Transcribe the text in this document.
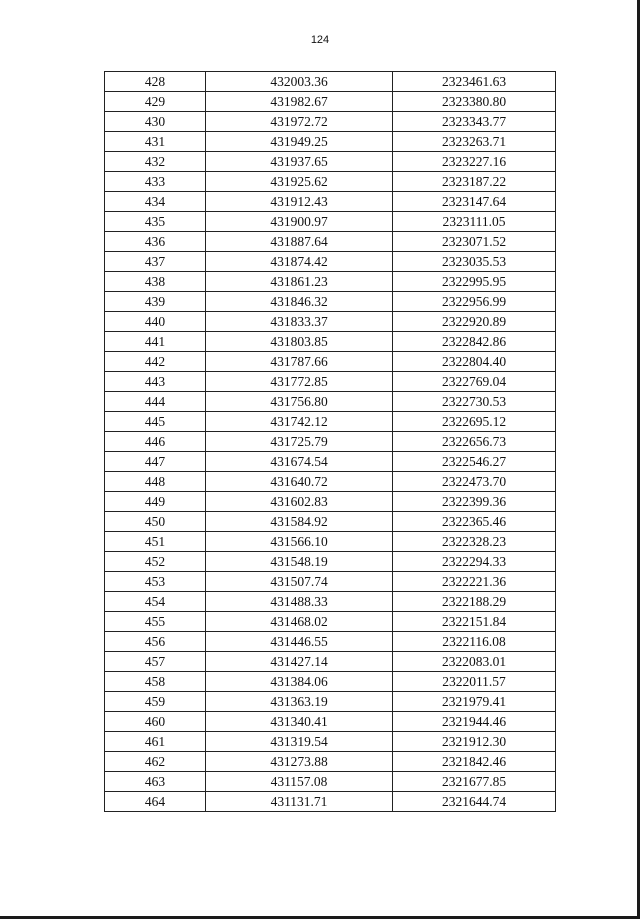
124
428	432003.36	2323461.63
429	431982.67	2323380.80
430	431972.72	2323343.77
431	431949.25	2323263.71
432	431937.65	2323227.16
433	431925.62	2323187.22
434	431912.43	2323147.64
435	431900.97	2323111.05
436	431887.64	2323071.52
437	431874.42	2323035.53
438	431861.23	2322995.95
439	431846.32	2322956.99
440	431833.37	2322920.89
441	431803.85	2322842.86
442	431787.66	2322804.40
443	431772.85	2322769.04
444	431756.80	2322730.53
445	431742.12	2322695.12
446	431725.79	2322656.73
447	431674.54	2322546.27
448	431640.72	2322473.70
449	431602.83	2322399.36
450	431584.92	2322365.46
451	431566.10	2322328.23
452	431548.19	2322294.33
453	431507.74	2322221.36
454	431488.33	2322188.29
455	431468.02	2322151.84
456	431446.55	2322116.08
457	431427.14	2322083.01
458	431384.06	2322011.57
459	431363.19	2321979.41
460	431340.41	2321944.46
461	431319.54	2321912.30
462	431273.88	2321842.46
463	431157.08	2321677.85
464	431131.71	2321644.74
